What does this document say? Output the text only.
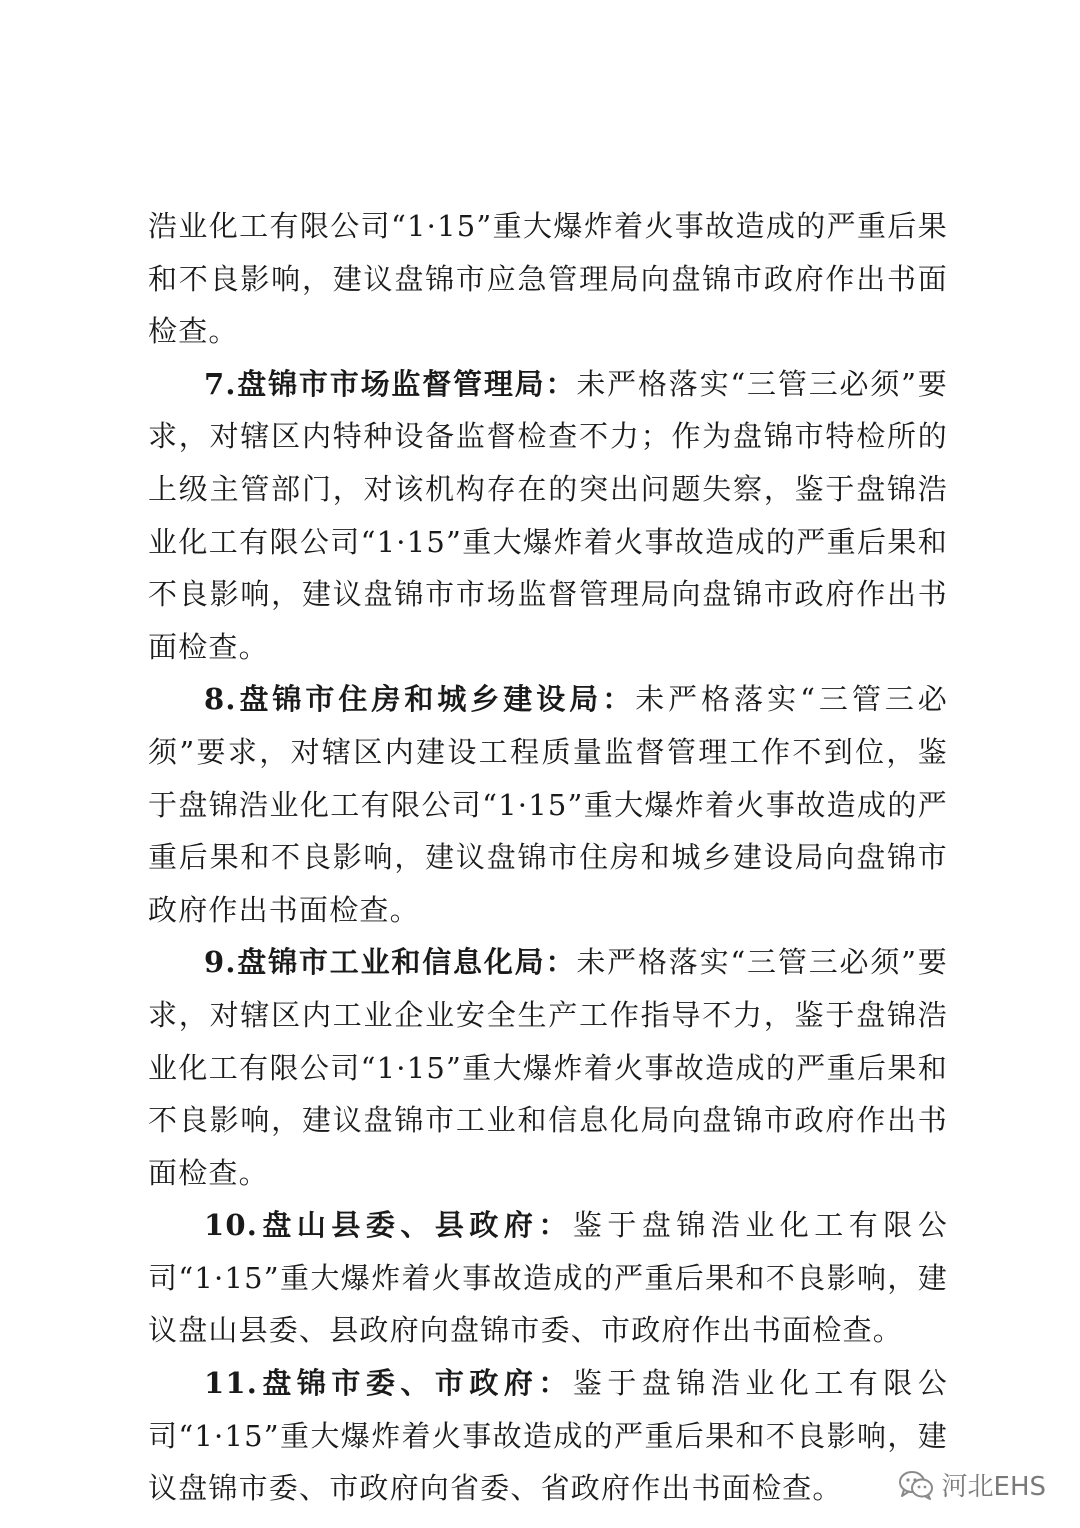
浩业化工有限公司“1·15”重大爆炸着火事故造成的严重后果和不良影响，建议盘锦市应急管理局向盘锦市政府作出书面检查。

7.盘锦市市场监督管理局：未严格落实“三管三必须”要求，对辖区内特种设备监督检查不力；作为盘锦市特检所的上级主管部门，对该机构存在的突出问题失察，鉴于盘锦浩业化工有限公司“1·15”重大爆炸着火事故造成的严重后果和不良影响，建议盘锦市市场监督管理局向盘锦市政府作出书面检查。

8.盘锦市住房和城乡建设局：未严格落实“三管三必须”要求，对辖区内建设工程质量监督管理工作不到位，鉴于盘锦浩业化工有限公司“1·15”重大爆炸着火事故造成的严重后果和不良影响，建议盘锦市住房和城乡建设局向盘锦市政府作出书面检查。

9.盘锦市工业和信息化局：未严格落实“三管三必须”要求，对辖区内工业企业安全生产工作指导不力，鉴于盘锦浩业化工有限公司“1·15”重大爆炸着火事故造成的严重后果和不良影响，建议盘锦市工业和信息化局向盘锦市政府作出书面检查。

10.盘山县委、县政府：鉴于盘锦浩业化工有限公司“1·15”重大爆炸着火事故造成的严重后果和不良影响，建议盘山县委、县政府向盘锦市委、市政府作出书面检查。

11.盘锦市委、市政府：鉴于盘锦浩业化工有限公司“1·15”重大爆炸着火事故造成的严重后果和不良影响，建议盘锦市委、市政府向省委、省政府作出书面检查。	河北EHS
